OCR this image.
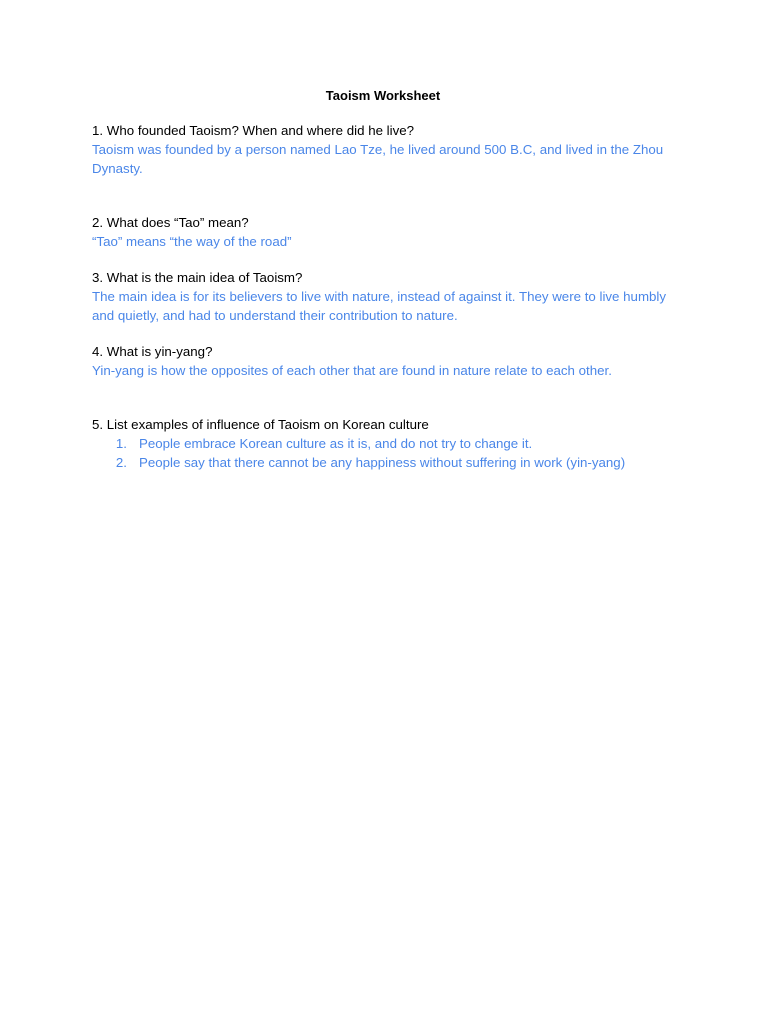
Taoism Worksheet

1. Who founded Taoism? When and where did he live?

Taoism was founded by a person named Lao Tze, he lived around 500 B.C, and lived in the Zhou Dynasty.

2. What does “Tao” mean?

“Tao” means “the way of the road”

3. What is the main idea of Taoism?

The main idea is for its believers to live with nature, instead of against it. They were to live humbly and quietly, and had to understand their contribution to nature.

4. What is yin-yang?

Yin-yang is how the opposites of each other that are found in nature relate to each other.

5. List examples of influence of Taoism on Korean culture

1. People embrace Korean culture as it is, and do not try to change it.
2. People say that there cannot be any happiness without suffering in work (yin-yang)
